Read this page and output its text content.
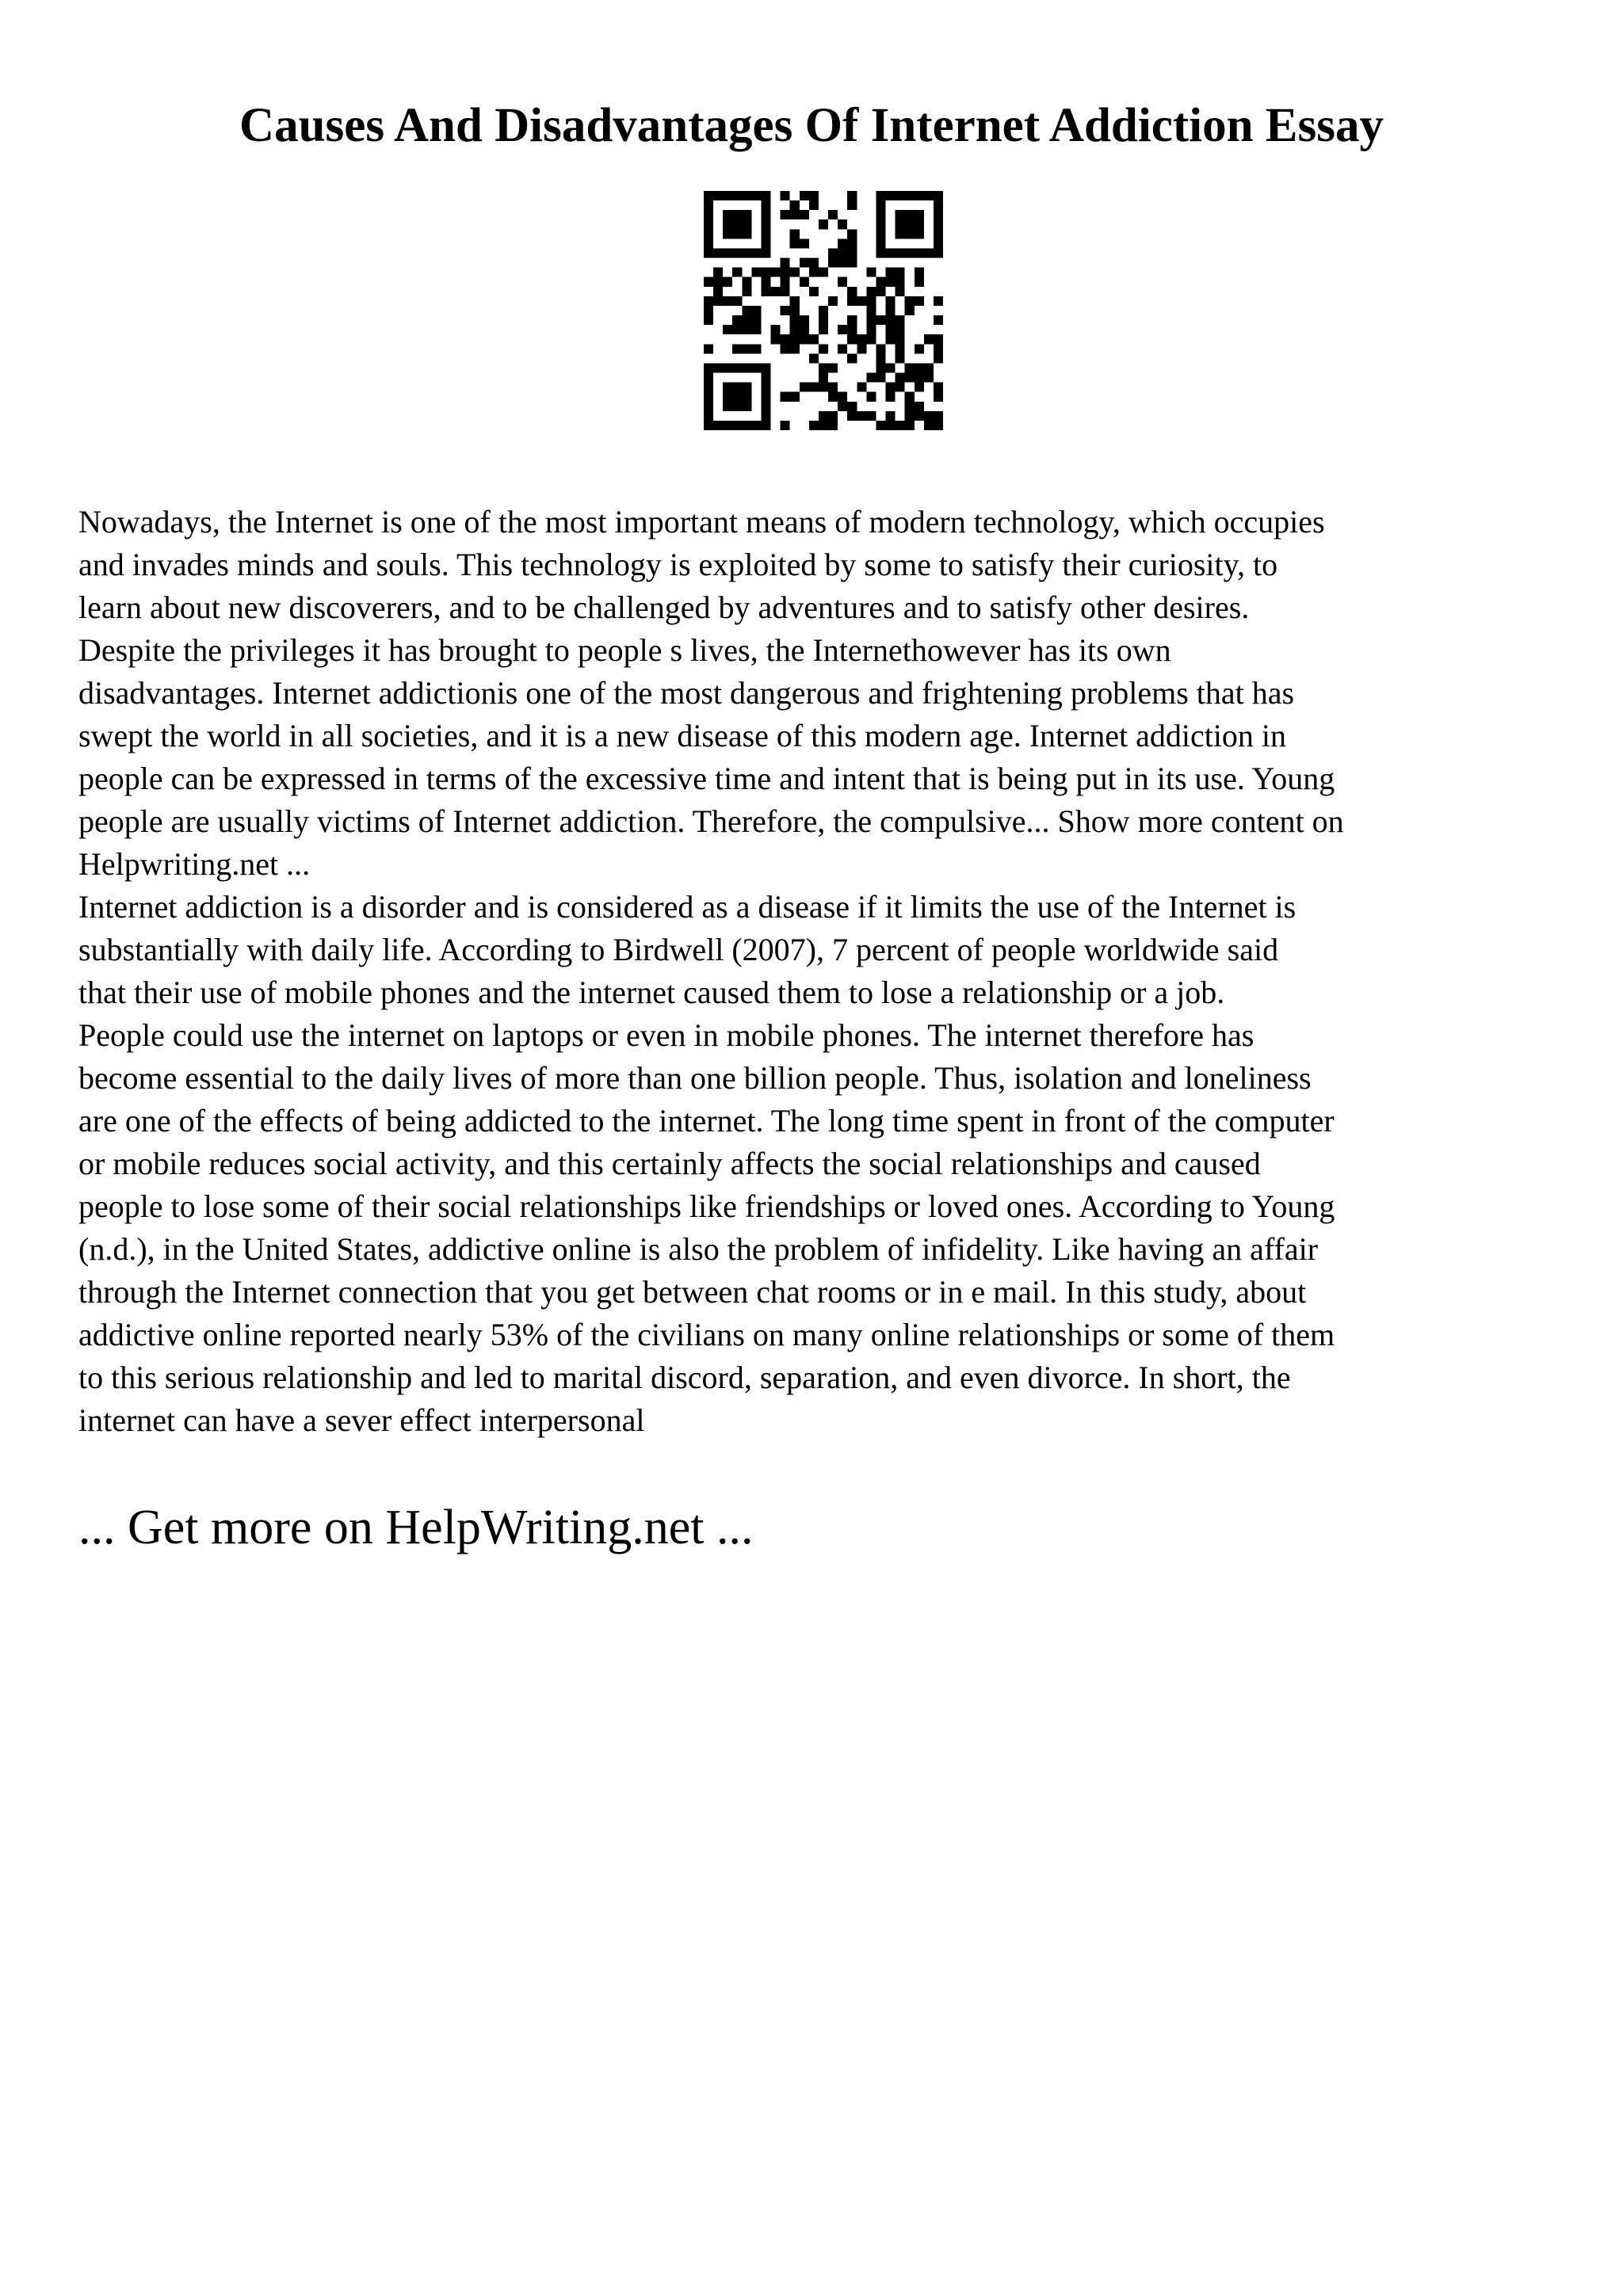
Causes And Disadvantages Of Internet Addiction Essay
Nowadays, the Internet is one of the most important means of modern technology, which occupies
and invades minds and souls. This technology is exploited by some to satisfy their curiosity, to
learn about new discoverers, and to be challenged by adventures and to satisfy other desires.
Despite the privileges it has brought to people s lives, the Internethowever has its own
disadvantages. Internet addictionis one of the most dangerous and frightening problems that has
swept the world in all societies, and it is a new disease of this modern age. Internet addiction in
people can be expressed in terms of the excessive time and intent that is being put in its use. Young
people are usually victims of Internet addiction. Therefore, the compulsive... Show more content on
Helpwriting.net ...
Internet addiction is a disorder and is considered as a disease if it limits the use of the Internet is
substantially with daily life. According to Birdwell (2007), 7 percent of people worldwide said
that their use of mobile phones and the internet caused them to lose a relationship or a job.
People could use the internet on laptops or even in mobile phones. The internet therefore has
become essential to the daily lives of more than one billion people. Thus, isolation and loneliness
are one of the effects of being addicted to the internet. The long time spent in front of the computer
or mobile reduces social activity, and this certainly affects the social relationships and caused
people to lose some of their social relationships like friendships or loved ones. According to Young
(n.d.), in the United States, addictive online is also the problem of infidelity. Like having an affair
through the Internet connection that you get between chat rooms or in e mail. In this study, about
addictive online reported nearly 53% of the civilians on many online relationships or some of them
to this serious relationship and led to marital discord, separation, and even divorce. In short, the
internet can have a sever effect interpersonal

... Get more on HelpWriting.net ...
